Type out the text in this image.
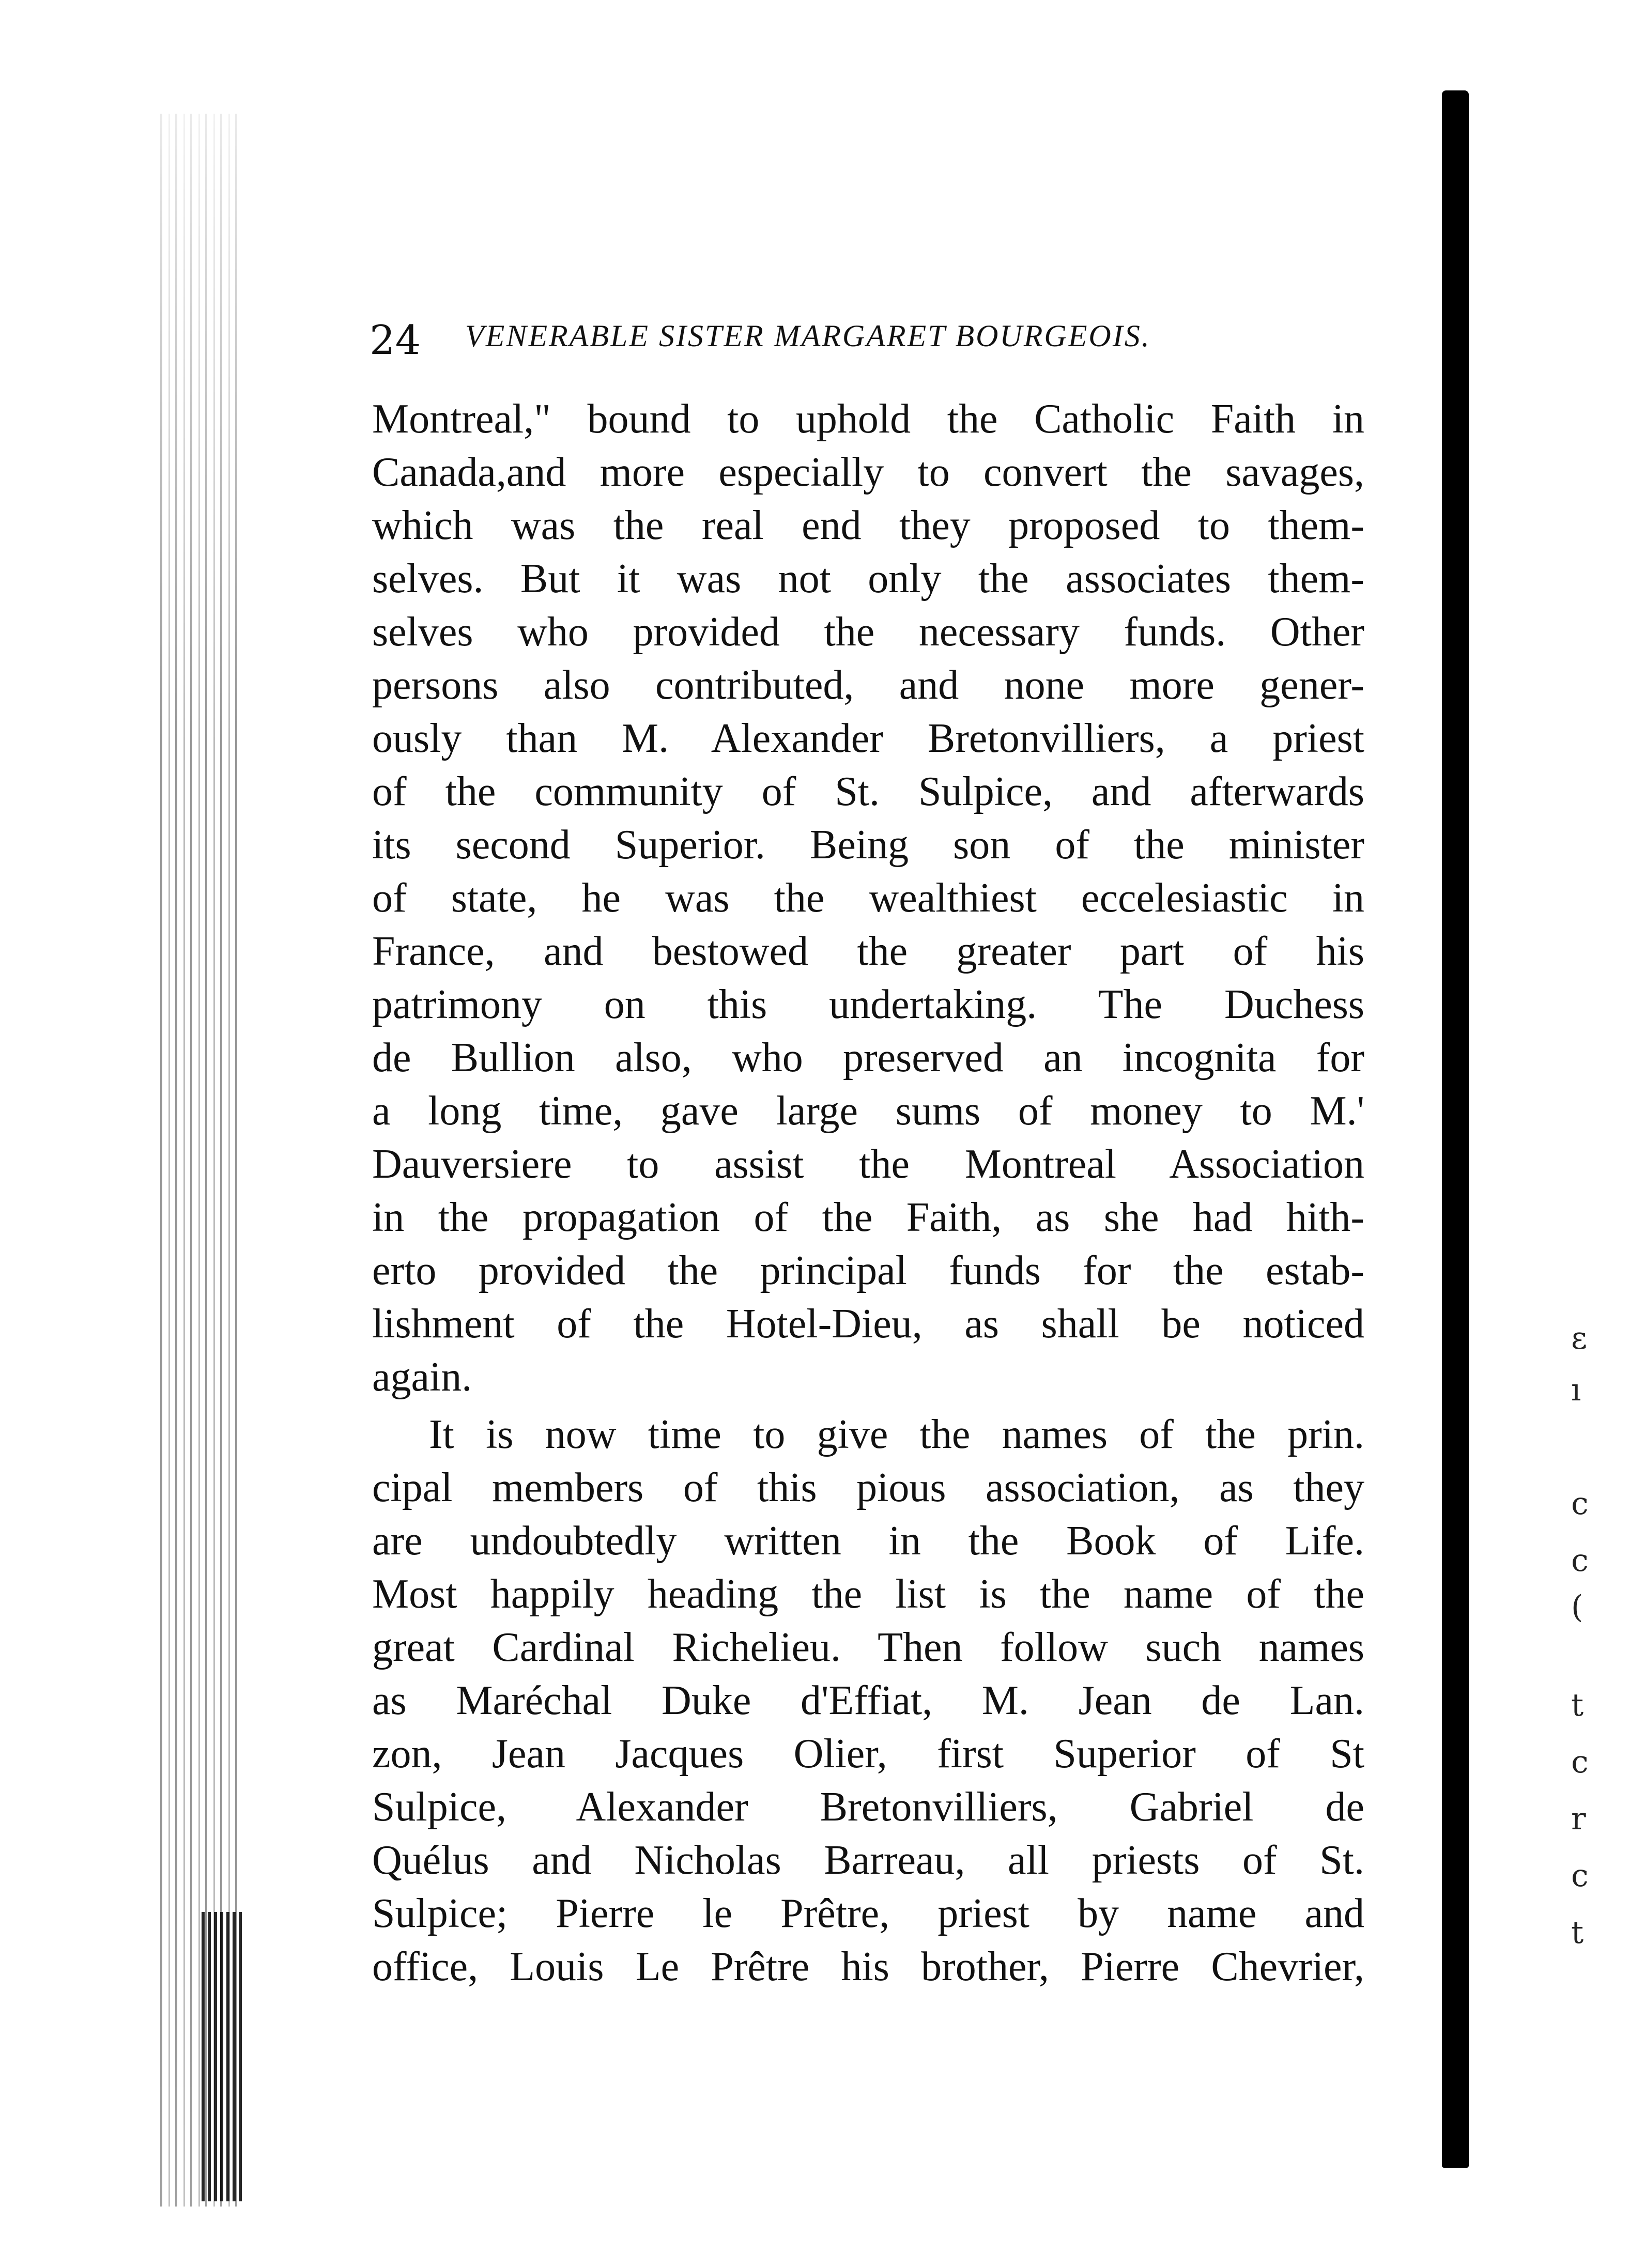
24 VENERABLE SISTER MARGARET BOURGEOIS.
Montreal," bound to uphold the Catholic Faith in
Canada,and more especially to convert the savages,
which was the real end they proposed to them-
selves. But it was not only the associates them-
selves who provided the necessary funds. Other
persons also contributed, and none more gener-
ously than M. Alexander Bretonvilliers, a priest
of the community of St. Sulpice, and afterwards
its second Superior. Being son of the minister
of state, he was the wealthiest eccelesiastic in
France, and bestowed the greater part of his
patrimony on this undertaking. The Duchess
de Bullion also, who preserved an incognita for
a long time, gave large sums of money to M.'
Dauversiere to assist the Montreal Association
in the propagation of the Faith, as she had hith-
erto provided the principal funds for the estab-
lishment of the Hotel-Dieu, as shall be noticed
again.
It is now time to give the names of the prin.
cipal members of this pious association, as they
are undoubtedly written in the Book of Life.
Most happily heading the list is the name of the
great Cardinal Richelieu. Then follow such names
as Maréchal Duke d'Effiat, M. Jean de Lan.
zon, Jean Jacques Olier, first Superior of St
Sulpice, Alexander Bretonvilliers, Gabriel de
Quélus and Nicholas Barreau, all priests of St.
Sulpice; Pierre le Prêtre, priest by name and
office, Louis Le Prêtre his brother, Pierre Chevrier,
ɛ
ı
c
c
(
t
c
r
c
t
